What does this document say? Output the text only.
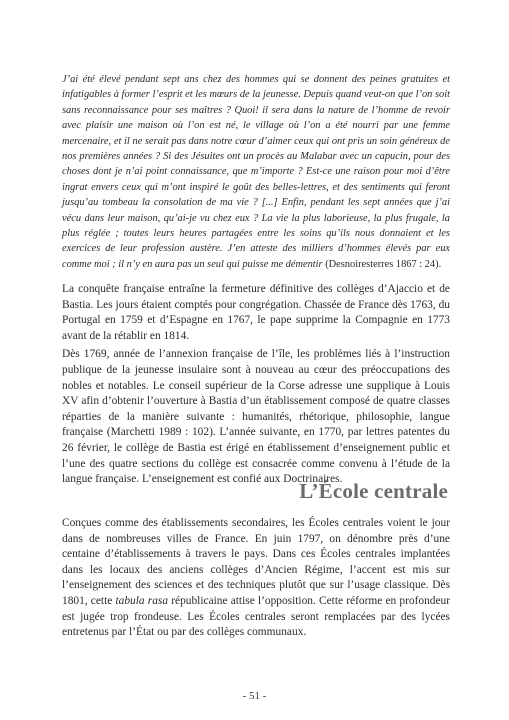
J’ai été élevé pendant sept ans chez des hommes qui se donnent des peines gratuites et infatigables à former l’esprit et les mœurs de la jeunesse. Depuis quand veut-on que l’on soit sans reconnaissance pour ses maîtres ? Quoi! il sera dans la nature de l’homme de revoir avec plaisir une maison où l’on est né, le village où l’on a été nourri par une femme mercenaire, et il ne serait pas dans notre cœur d’aimer ceux qui ont pris un soin généreux de nos premières années ? Si des Jésuites ont un procès au Malabar avec un capucin, pour des choses dont je n’ai point connaissance, que m’importe ? Est-ce une raison pour moi d’être ingrat envers ceux qui m’ont inspiré le goût des belles-lettres, et des sentiments qui feront jusqu’au tombeau la consolation de ma vie ? [...] Enfin, pendant les sept années que j’ai vécu dans leur maison, qu’ai-je vu chez eux ? La vie la plus laborieuse, la plus frugale, la plus réglée ; toutes leurs heures partagées entre les soins qu’ils nous donnaient et les exercices de leur profession austère. J’en atteste des milliers d’hommes élevés par eux comme moi ; il n’y en aura pas un seul qui puisse me démentir (Desnoiresterres 1867 : 24).

La conquête française entraîne la fermeture définitive des collèges d’Ajaccio et de Bastia. Les jours étaient comptés pour congrégation. Chassée de France dès 1763, du Portugal en 1759 et d’Espagne en 1767, le pape supprime la Compagnie en 1773 avant de la rétablir en 1814.

Dès 1769, année de l’annexion française de l’île, les problèmes liés à l’instruction publique de la jeunesse insulaire sont à nouveau au cœur des préoccupations des nobles et notables. Le conseil supérieur de la Corse adresse une supplique à Louis XV afin d’obtenir l’ouverture à Bastia d’un établissement composé de quatre classes réparties de la manière suivante : humanités, rhétorique, philosophie, langue française (Marchetti 1989 : 102). L’année suivante, en 1770, par lettres patentes du 26 février, le collège de Bastia est érigé en établissement d’enseignement public et l’une des quatre sections du collège est consacrée comme convenu à l’étude de la langue française. L’enseignement est confié aux Doctrinaires.

L’École centrale

Conçues comme des établissements secondaires, les Écoles centrales voient le jour dans de nombreuses villes de France. En juin 1797, on dénombre près d’une centaine d’établissements à travers le pays. Dans ces Écoles centrales implantées dans les locaux des anciens collèges d’Ancien Régime, l’accent est mis sur l’enseignement des sciences et des techniques plutôt que sur l’usage classique. Dès 1801, cette tabula rasa républicaine attise l’opposition. Cette réforme en profondeur est jugée trop frondeuse. Les Écoles centrales seront remplacées par des lycées entretenus par l’État ou par des collèges communaux.

- 51 -
